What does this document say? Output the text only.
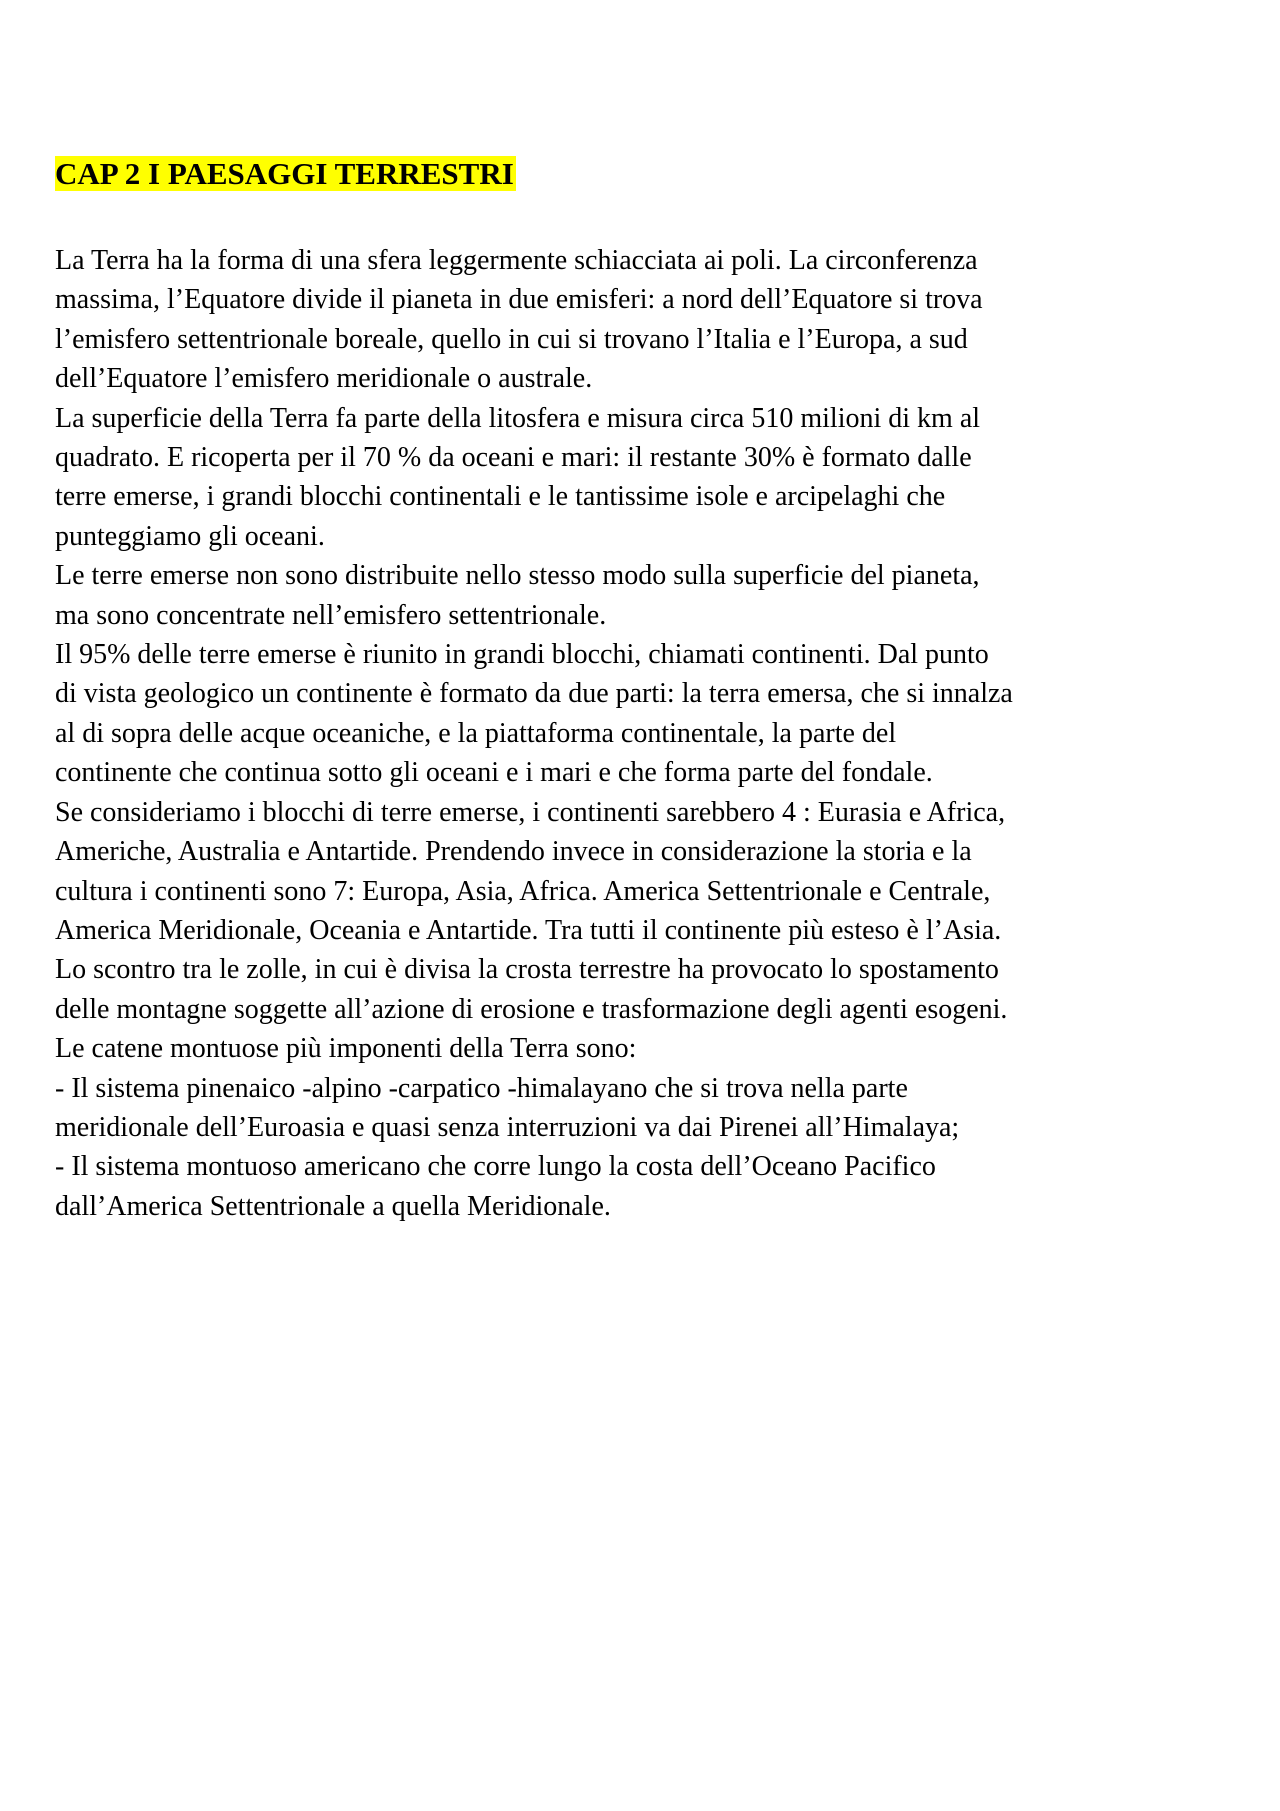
CAP 2 I PAESAGGI TERRESTRI
La Terra ha la forma di una sfera leggermente schiacciata ai poli. La circonferenza
massima, l’Equatore divide il pianeta in due emisferi: a nord dell’Equatore si trova
l’emisfero settentrionale boreale, quello in cui si trovano l’Italia e l’Europa, a sud
dell’Equatore l’emisfero meridionale o australe.
La superficie della Terra fa parte della litosfera e misura circa 510 milioni di km al
quadrato. E ricoperta per il 70 % da oceani e mari: il restante 30% è formato dalle
terre emerse, i grandi blocchi continentali e le tantissime isole e arcipelaghi che
punteggiamo gli oceani.
Le terre emerse non sono distribuite nello stesso modo sulla superficie del pianeta,
ma sono concentrate nell’emisfero settentrionale.
Il 95% delle terre emerse è riunito in grandi blocchi, chiamati continenti. Dal punto
di vista geologico un continente è formato da due parti: la terra emersa, che si innalza
al di sopra delle acque oceaniche, e la piattaforma continentale, la parte del
continente che continua sotto gli oceani e i mari e che forma parte del fondale.
Se consideriamo i blocchi di terre emerse, i continenti sarebbero 4 : Eurasia e Africa,
Americhe, Australia e Antartide. Prendendo invece in considerazione la storia e la
cultura i continenti sono 7: Europa, Asia, Africa. America Settentrionale e Centrale,
America Meridionale, Oceania e Antartide. Tra tutti il continente più esteso è l’Asia.
Lo scontro tra le zolle, in cui è divisa la crosta terrestre ha provocato lo spostamento
delle montagne soggette all’azione di erosione e trasformazione degli agenti esogeni.
Le catene montuose più imponenti della Terra sono:
- Il sistema pinenaico -alpino -carpatico -himalayano che si trova nella parte
meridionale dell’Euroasia e quasi senza interruzioni va dai Pirenei all’Himalaya;
- Il sistema montuoso americano che corre lungo la costa dell’Oceano Pacifico
dall’America Settentrionale a quella Meridionale.
